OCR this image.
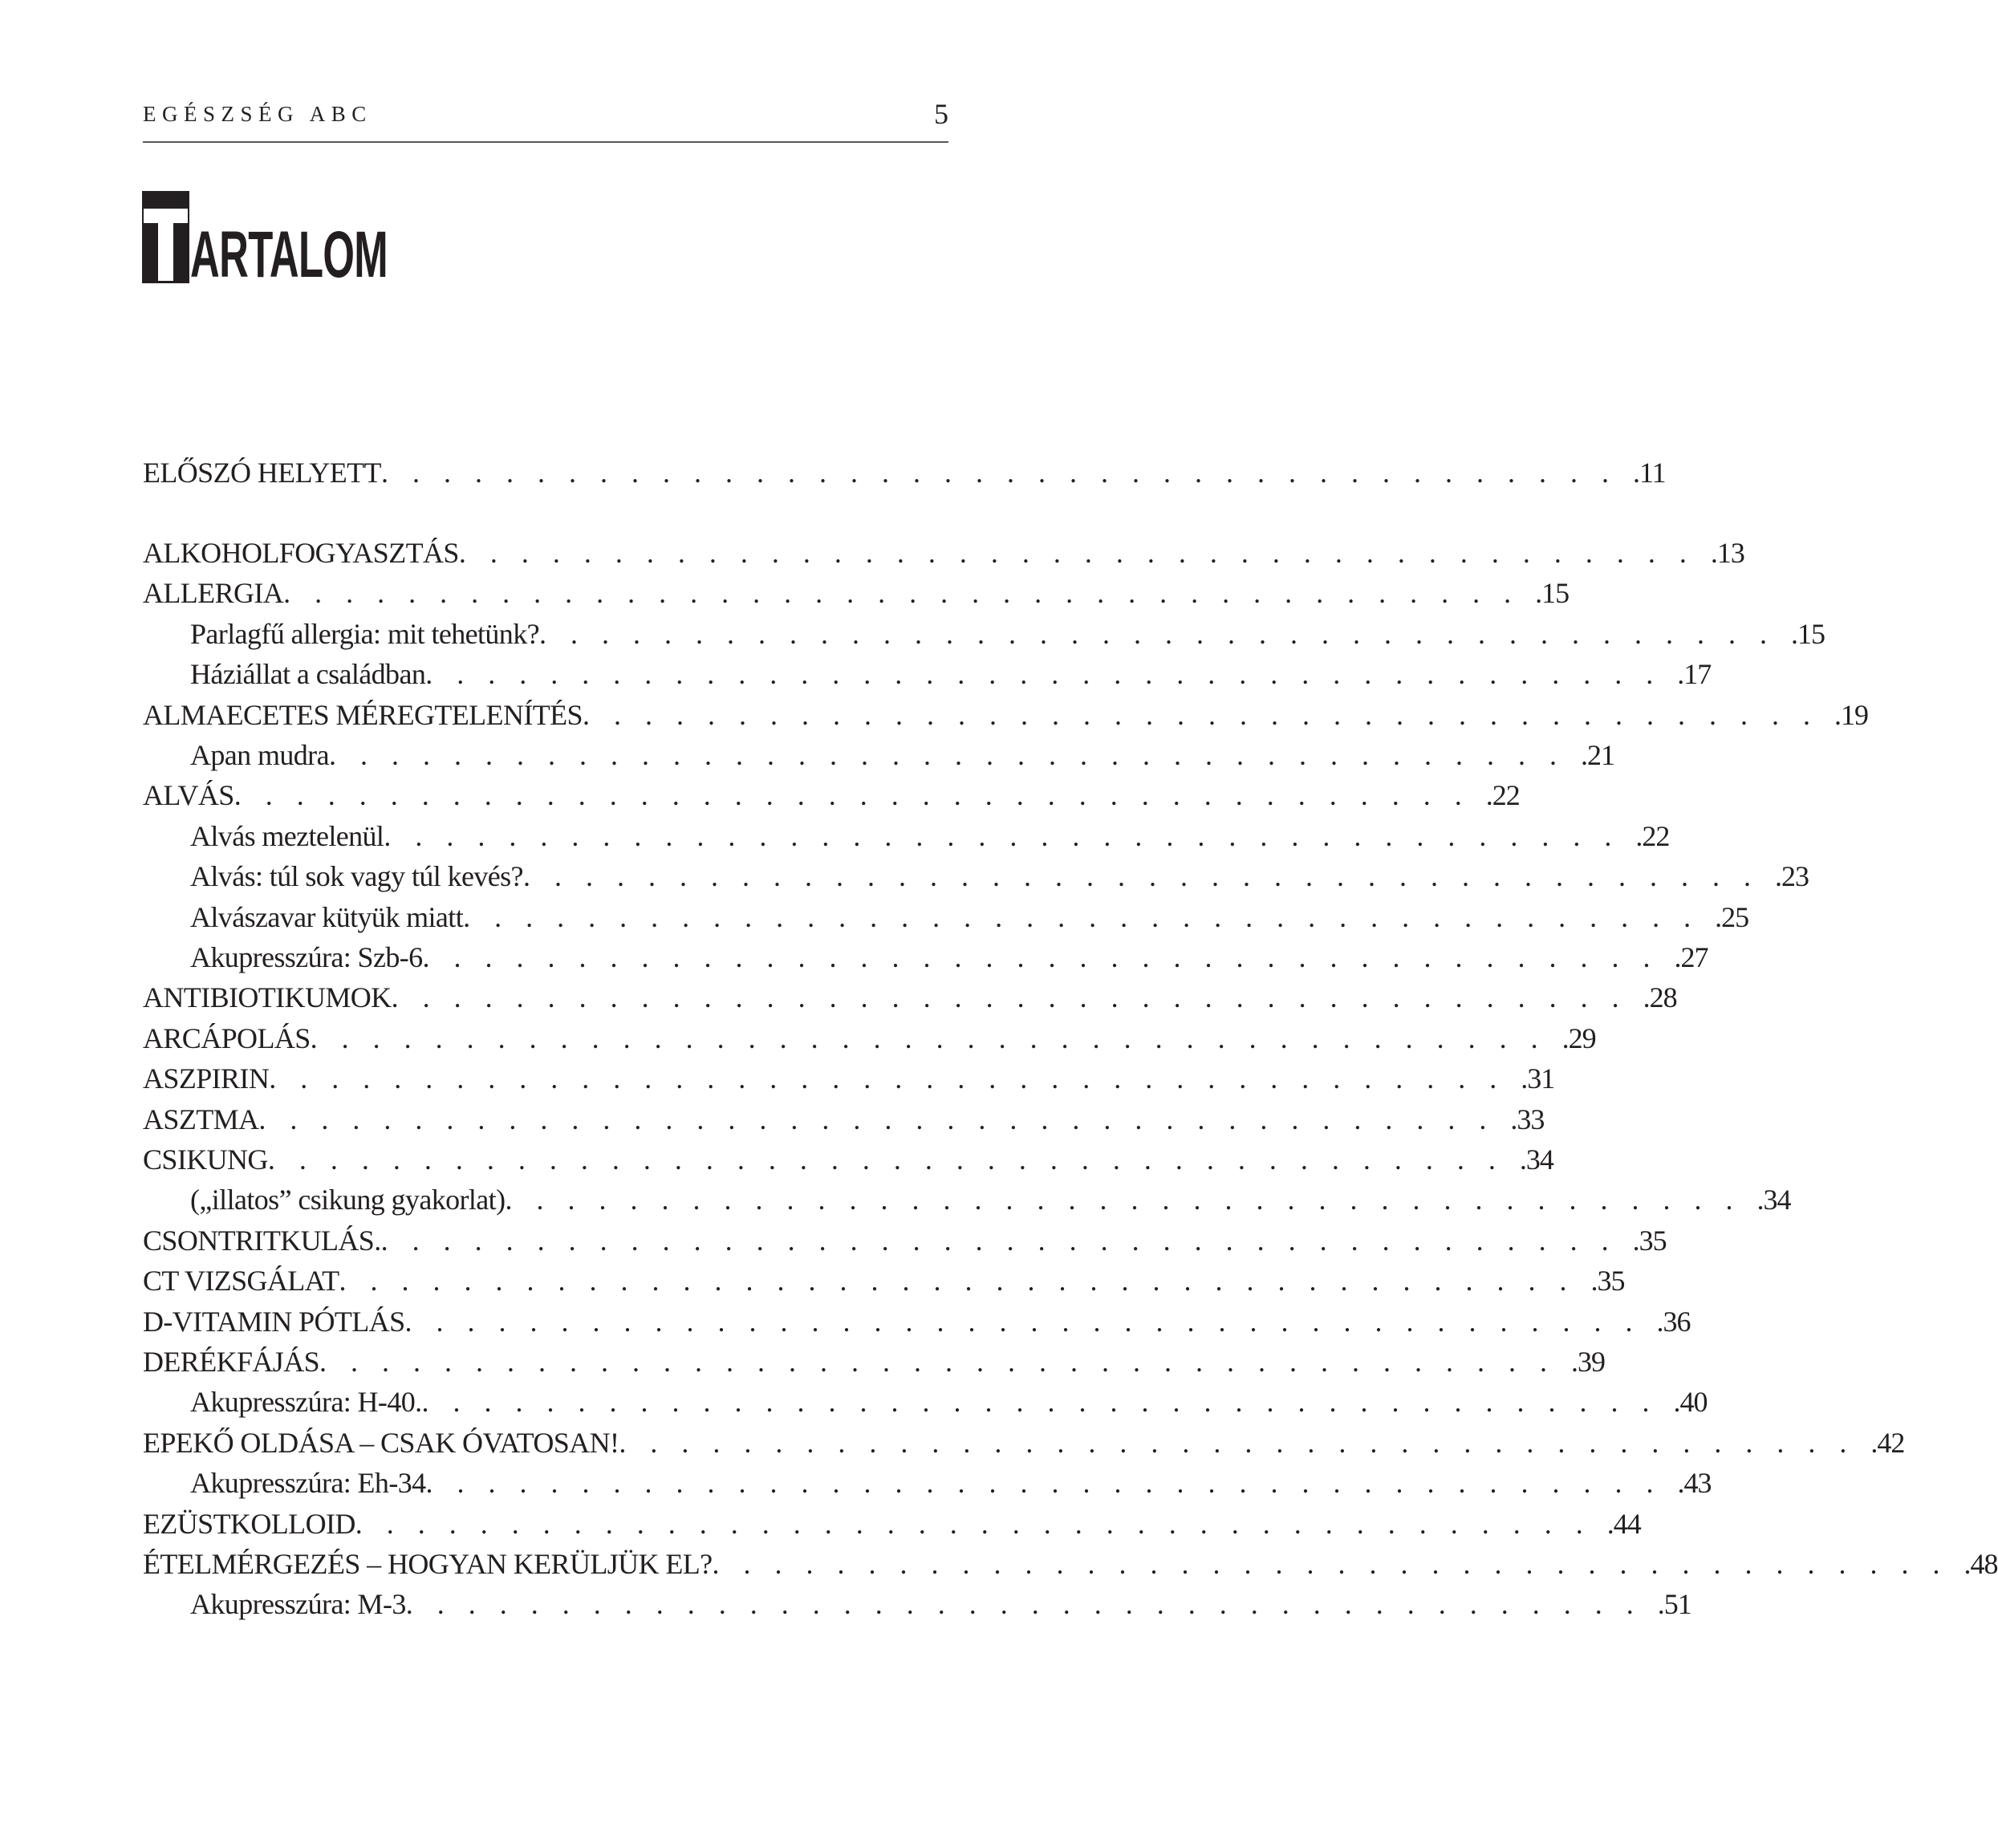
EGÉSZSÉG ABC	5
ARTALOM
ELŐSZÓ HELYETT ........................................ .11
ALKOHOLFOGYASZTÁS ........................................ .13
ALLERGIA ........................................ .15
Parlagfű allergia: mit tehetünk? ........................................ .15
Háziállat a családban ........................................ .17
ALMAECETES MÉREGTELENÍTÉS ........................................ .19
Apan mudra ........................................ .21
ALVÁS ........................................ .22
Alvás meztelenül ........................................ .22
Alvás: túl sok vagy túl kevés? ........................................ .23
Alvászavar kütyük miatt ........................................ .25
Akupresszúra: Szb-6 ........................................ .27
ANTIBIOTIKUMOK ........................................ .28
ARCÁPOLÁS ........................................ .29
ASZPIRIN ........................................ .31
ASZTMA ........................................ .33
CSIKUNG ........................................ .34
(„illatos” csikung gyakorlat) ........................................ .34
CSONTRITKULÁS. ........................................ .35
CT VIZSGÁLAT ........................................ .35
D-VITAMIN PÓTLÁS ........................................ .36
DERÉKFÁJÁS ........................................ .39
Akupresszúra: H-40. ........................................ .40
EPEKŐ OLDÁSA – CSAK ÓVATOSAN! ........................................ .42
Akupresszúra: Eh-34 ........................................ .43
EZÜSTKOLLOID ........................................ .44
ÉTELMÉRGEZÉS – HOGYAN KERÜLJÜK EL? ........................................ .48
Akupresszúra: M-3 ........................................ .51
